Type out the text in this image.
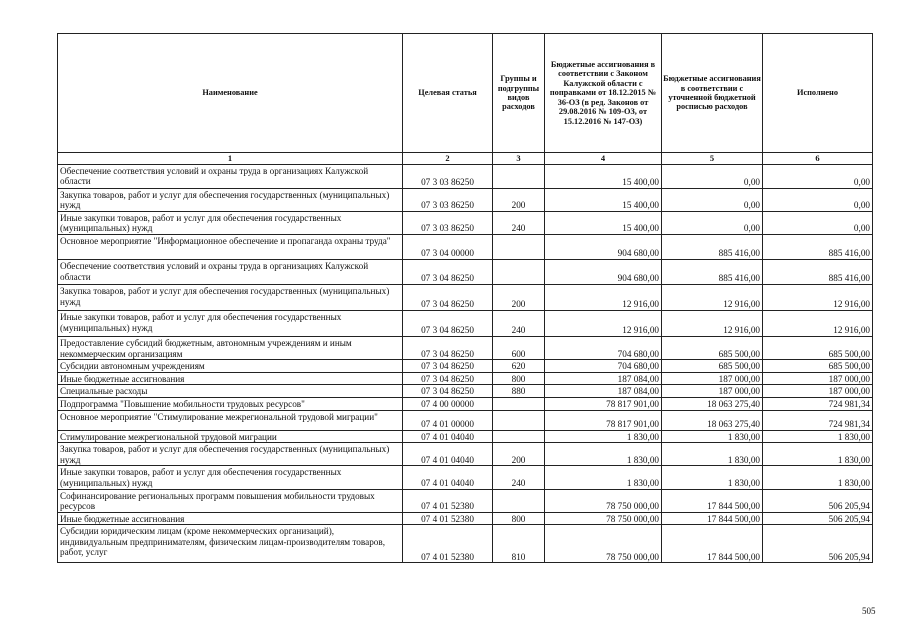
Наименование	Целевая статья	Группы и подгруппы видов расходов	Бюджетные ассигнования в соответствии с Законом Калужской области с поправками от 18.12.2015 № 36-ОЗ (в ред. Законов от 29.08.2016 № 109-ОЗ, от 15.12.2016 № 147-ОЗ)	Бюджетные ассигнования в соответствии с уточненной бюджетной росписью расходов	Исполнено
1	2	3	4	5	6
Обеспечение соответствия условий и охраны труда в организациях Калужской области	07 3 03 86250		15 400,00	0,00	0,00
Закупка товаров, работ и услуг для обеспечения государственных (муниципальных) нужд	07 3 03 86250	200	15 400,00	0,00	0,00
Иные закупки товаров, работ и услуг для обеспечения государственных (муниципальных) нужд	07 3 03 86250	240	15 400,00	0,00	0,00
Основное мероприятие "Информационное обеспечение и пропаганда охраны труда"	07 3 04 00000		904 680,00	885 416,00	885 416,00
Обеспечение соответствия условий и охраны труда в организациях Калужской области	07 3 04 86250		904 680,00	885 416,00	885 416,00
Закупка товаров, работ и услуг для обеспечения государственных (муниципальных) нужд	07 3 04 86250	200	12 916,00	12 916,00	12 916,00
Иные закупки товаров, работ и услуг для обеспечения государственных (муниципальных) нужд	07 3 04 86250	240	12 916,00	12 916,00	12 916,00
Предоставление субсидий бюджетным, автономным учреждениям и иным некоммерческим организациям	07 3 04 86250	600	704 680,00	685 500,00	685 500,00
Субсидии автономным учреждениям	07 3 04 86250	620	704 680,00	685 500,00	685 500,00
Иные бюджетные ассигнования	07 3 04 86250	800	187 084,00	187 000,00	187 000,00
Специальные расходы	07 3 04 86250	880	187 084,00	187 000,00	187 000,00
Подпрограмма "Повышение мобильности трудовых ресурсов"	07 4 00 00000		78 817 901,00	18 063 275,40	724 981,34
Основное мероприятие "Стимулирование межрегиональной трудовой миграции"	07 4 01 00000		78 817 901,00	18 063 275,40	724 981,34
Стимулирование межрегиональной трудовой миграции	07 4 01 04040		1 830,00	1 830,00	1 830,00
Закупка товаров, работ и услуг для обеспечения государственных (муниципальных) нужд	07 4 01 04040	200	1 830,00	1 830,00	1 830,00
Иные закупки товаров, работ и услуг для обеспечения государственных (муниципальных) нужд	07 4 01 04040	240	1 830,00	1 830,00	1 830,00
Софинансирование региональных программ повышения мобильности трудовых ресурсов	07 4 01 52380		78 750 000,00	17 844 500,00	506 205,94
Иные бюджетные ассигнования	07 4 01 52380	800	78 750 000,00	17 844 500,00	506 205,94
Субсидии юридическим лицам (кроме некоммерческих организаций), индивидуальным предпринимателям, физическим лицам-производителям товаров, работ, услуг	07 4 01 52380	810	78 750 000,00	17 844 500,00	506 205,94
505
